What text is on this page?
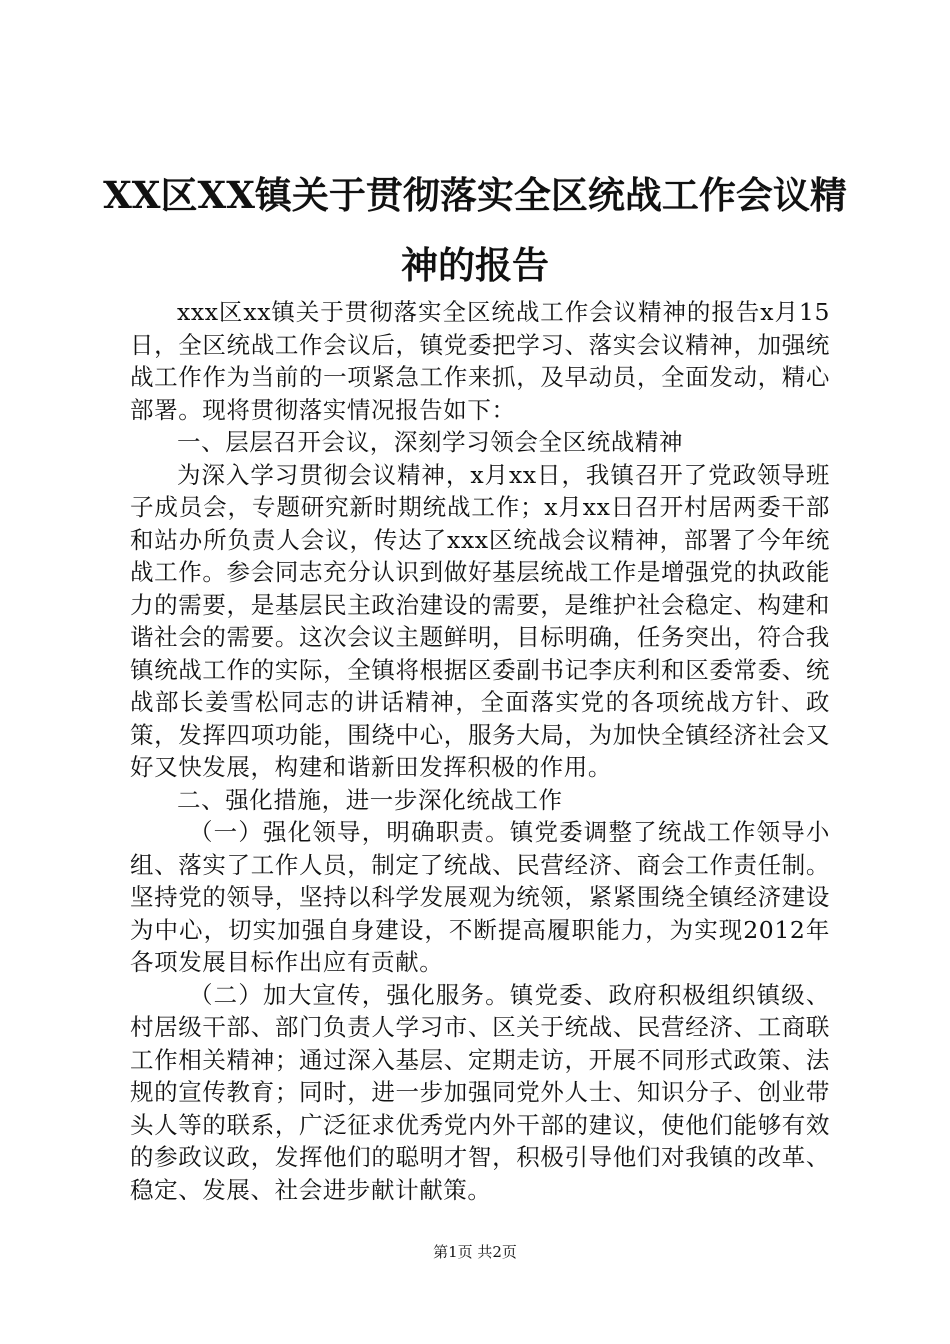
XX区XX镇关于贯彻落实全区统战工作会议精
神的报告

xxx区xx镇关于贯彻落实全区统战工作会议精神的报告x月15日，全区统战工作会议后，镇党委把学习、落实会议精神，加强统战工作作为当前的一项紧急工作来抓，及早动员，全面发动，精心部署。现将贯彻落实情况报告如下：

一、层层召开会议，深刻学习领会全区统战精神

为深入学习贯彻会议精神，x月xx日，我镇召开了党政领导班子成员会，专题研究新时期统战工作；x月xx日召开村居两委干部和站办所负责人会议，传达了xxx区统战会议精神，部署了今年统战工作。参会同志充分认识到做好基层统战工作是增强党的执政能力的需要，是基层民主政治建设的需要，是维护社会稳定、构建和谐社会的需要。这次会议主题鲜明，目标明确，任务突出，符合我镇统战工作的实际，全镇将根据区委副书记李庆利和区委常委、统战部长姜雪松同志的讲话精神，全面落实党的各项统战方针、政策，发挥四项功能，围绕中心，服务大局，为加快全镇经济社会又好又快发展，构建和谐新田发挥积极的作用。

二、强化措施，进一步深化统战工作

（一）强化领导，明确职责。镇党委调整了统战工作领导小组、落实了工作人员，制定了统战、民营经济、商会工作责任制。坚持党的领导，坚持以科学发展观为统领，紧紧围绕全镇经济建设为中心，切实加强自身建设，不断提高履职能力，为实现2012年各项发展目标作出应有贡献。

（二）加大宣传，强化服务。镇党委、政府积极组织镇级、村居级干部、部门负责人学习市、区关于统战、民营经济、工商联工作相关精神；通过深入基层、定期走访，开展不同形式政策、法规的宣传教育；同时，进一步加强同党外人士、知识分子、创业带头人等的联系，广泛征求优秀党内外干部的建议，使他们能够有效的参政议政，发挥他们的聪明才智，积极引导他们对我镇的改革、稳定、发展、社会进步献计献策。

第1页 共2页
